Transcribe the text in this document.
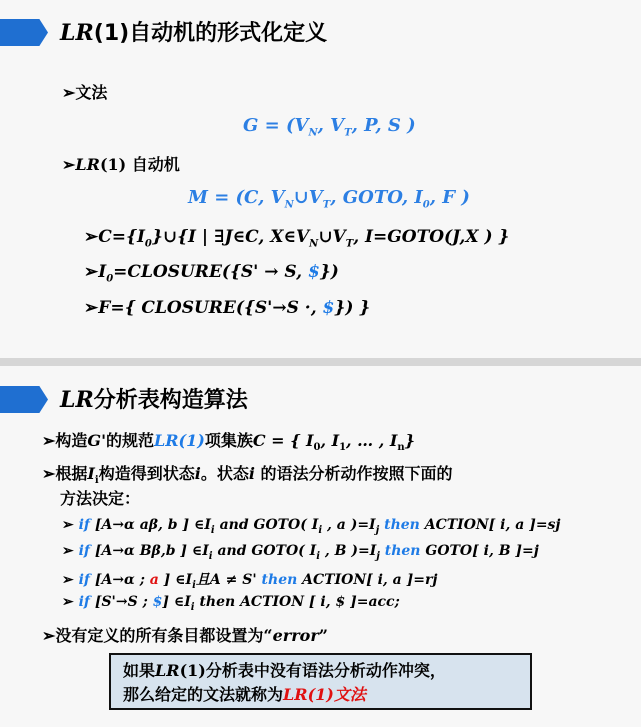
LR(1)自动机的形式化定义
➢文法
$G = (V_N$, $V_T$, P, S )
➢LR(1) 自动机
M = (C, $V_N\cup V_T$, GOTO, $I_0$, F )
$➢C=\{I_0\}\cup\{I$ | ∃J∈C, $X\in V_N\cup V_T$, I=GOTO(J,X ) }
$➢I_0=CLOSURE(\{S' \to S$, $})
➢F={ CLOSURE({S'→S ·, $}) }
LR分析表构造算法
➢构造G'的规范LR(1)项集族C = { $I_0$, $I_1$, … , $I_n$}
➢根据$I_i$构造得到状态i。状态i 的语法分析动作按照下面的
方法决定：
➢ if [A→α aβ, b ] $\in I_i$ and GOTO( $I_i$ , a )$=I_j$ then ACTION[ i, a ]=sj
➢ if [A→α Bβ,b ] $\in I_i$ and GOTO( $I_i$ , B )$=I_j$ then GOTO[ i, B ]=j
➢ if [A→α ; a ] $\in I_i$且A ≠ S' then ACTION[ i, a ]=rj
➢ if [S'→S ; $] $\in I_i$ then ACTION [ i, $ ]=acc;
➢没有定义的所有条目都设置为“error”
如果LR(1)分析表中没有语法分析动作冲突，
那么给定的文法就称为LR(1)文法
